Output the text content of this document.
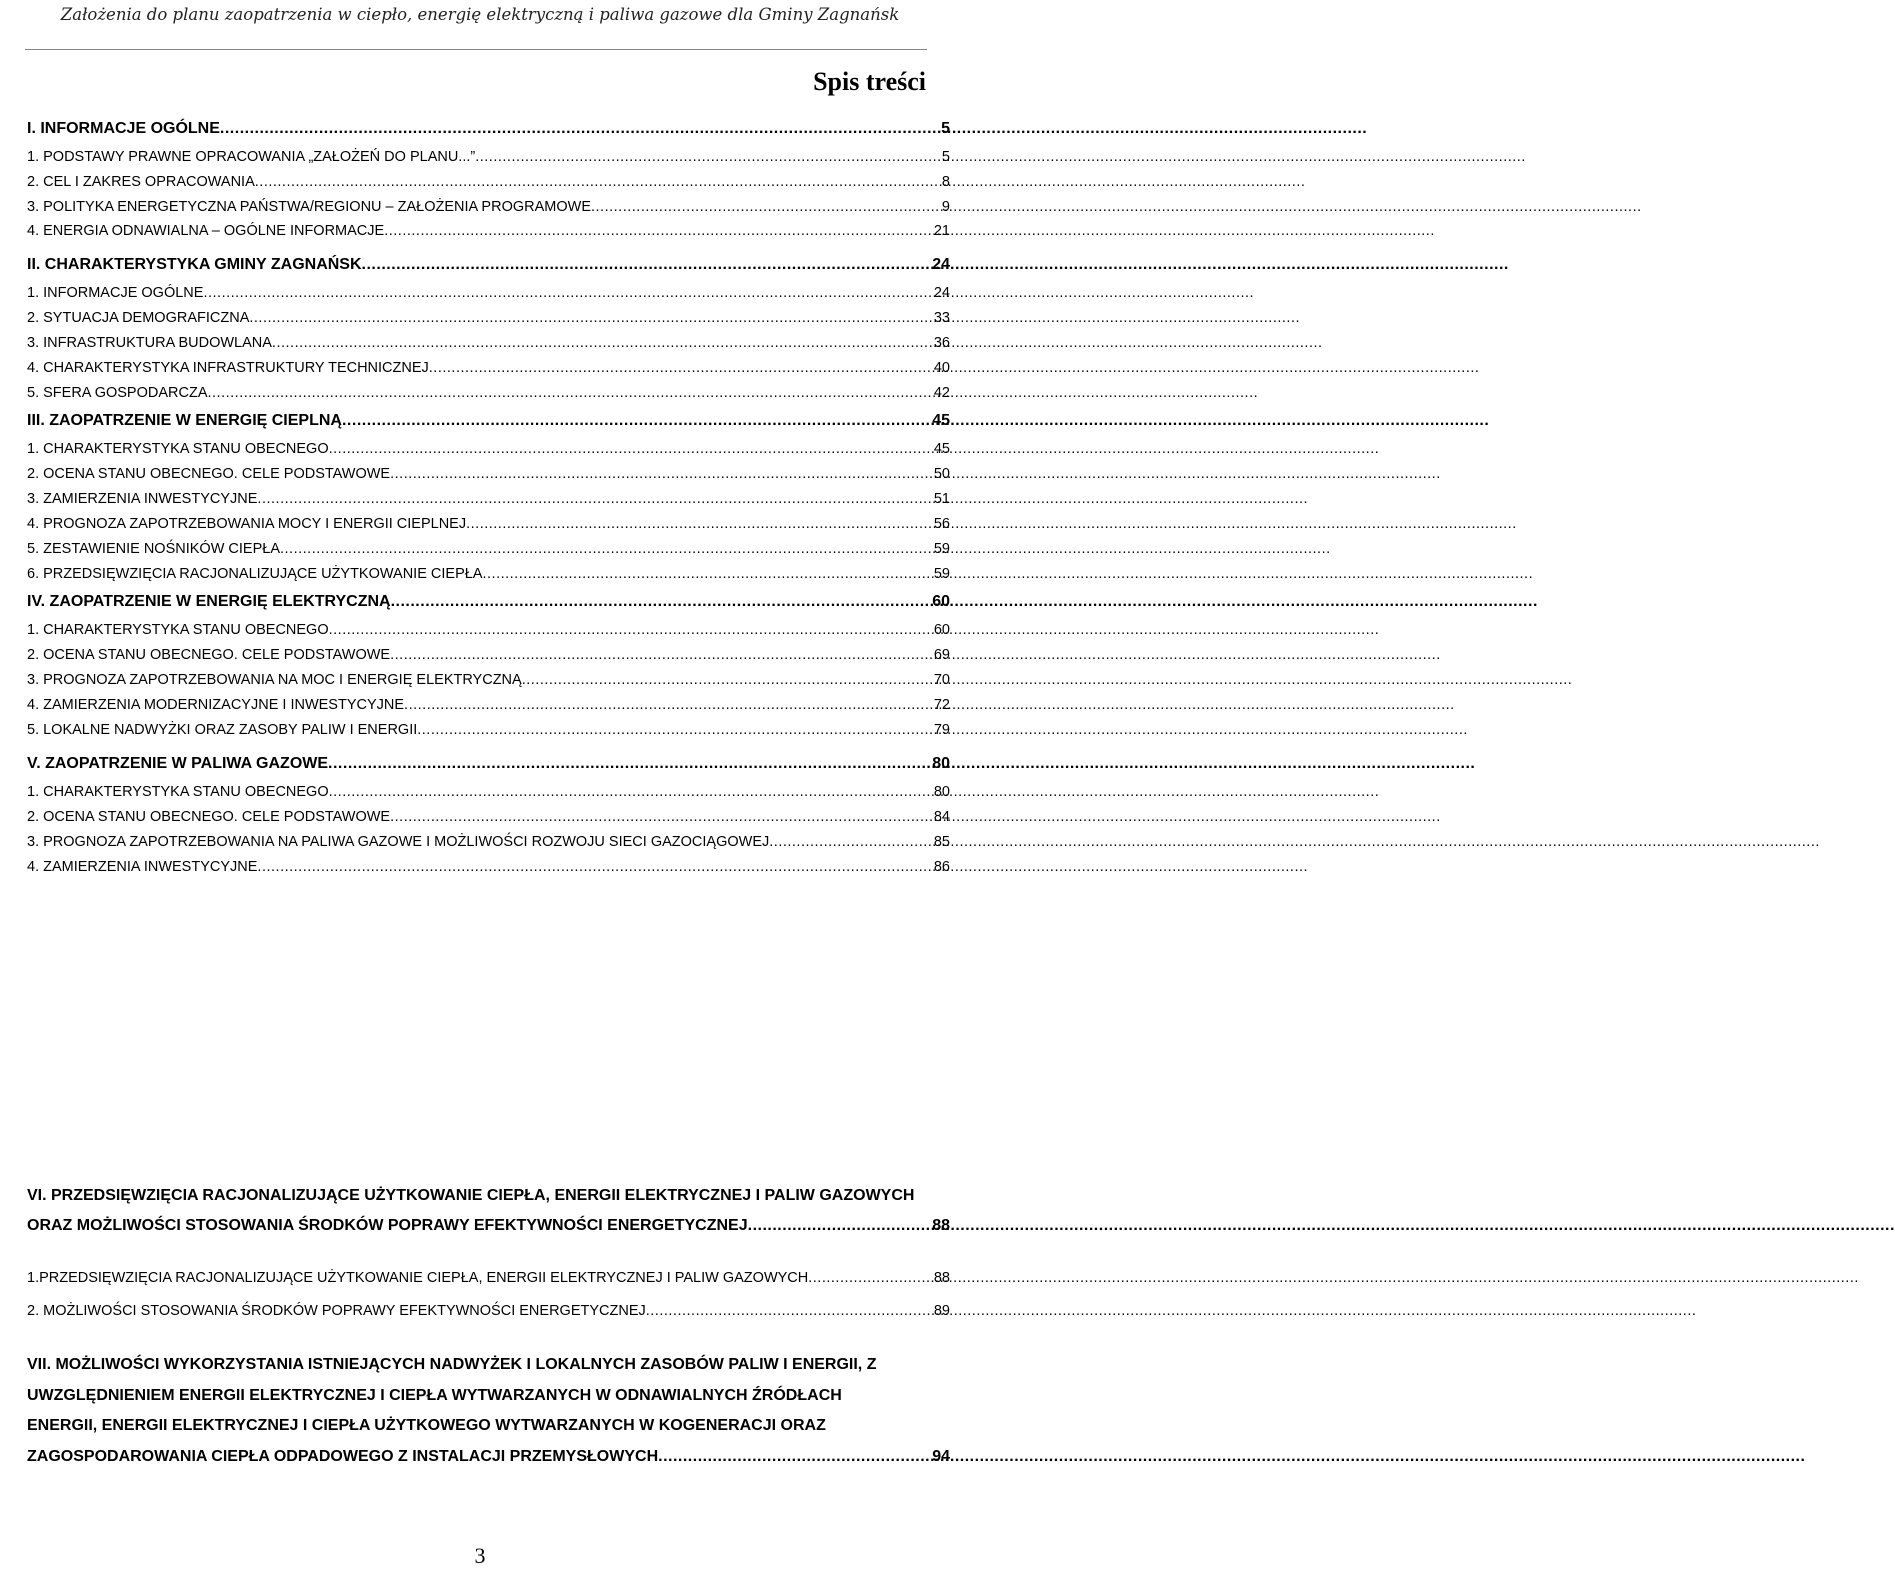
Założenia do planu zaopatrzenia w ciepło, energię elektryczną i paliwa gazowe dla Gminy Zagnańsk
Spis treści
I. INFORMACJE OGÓLNE .....	5
1. PODSTAWY PRAWNE OPRACOWANIA „ZAŁOŻEŃ DO PLANU...” .....	5
2. CEL I ZAKRES OPRACOWANIA .....	8
3. POLITYKA ENERGETYCZNA PAŃSTWA/REGIONU – ZAŁOŻENIA PROGRAMOWE .....	9
4. ENERGIA ODNAWIALNA – OGÓLNE INFORMACJE .....	21
II. CHARAKTERYSTYKA GMINY ZAGNAŃSK .....	24
1. INFORMACJE OGÓLNE .....	24
2. SYTUACJA DEMOGRAFICZNA .....	33
3. INFRASTRUKTURA BUDOWLANA .....	36
4. CHARAKTERYSTYKA INFRASTRUKTURY TECHNICZNEJ .....	40
5. SFERA GOSPODARCZA .....	42
III. ZAOPATRZENIE W ENERGIĘ CIEPLNĄ .....	45
1. CHARAKTERYSTYKA STANU OBECNEGO .....	45
2. OCENA STANU OBECNEGO. CELE PODSTAWOWE .....	50
3. ZAMIERZENIA INWESTYCYJNE .....	51
4. PROGNOZA ZAPOTRZEBOWANIA MOCY I ENERGII CIEPLNEJ .....	56
5. ZESTAWIENIE NOŚNIKÓW CIEPŁA .....	59
6. PRZEDSIĘWZIĘCIA RACJONALIZUJĄCE UŻYTKOWANIE CIEPŁA .....	59
IV. ZAOPATRZENIE W ENERGIĘ ELEKTRYCZNĄ .....	60
1. CHARAKTERYSTYKA STANU OBECNEGO .....	60
2. OCENA STANU OBECNEGO. CELE PODSTAWOWE .....	69
3. PROGNOZA ZAPOTRZEBOWANIA NA MOC I ENERGIĘ ELEKTRYCZNĄ .....	70
4. ZAMIERZENIA MODERNIZACYJNE I INWESTYCYJNE .....	72
5. LOKALNE NADWYŻKI ORAZ ZASOBY PALIW I ENERGII .....	79
V. ZAOPATRZENIE W PALIWA GAZOWE .....	80
1. CHARAKTERYSTYKA STANU OBECNEGO .....	80
2. OCENA STANU OBECNEGO. CELE PODSTAWOWE .....	84
3. PROGNOZA ZAPOTRZEBOWANIA NA PALIWA GAZOWE I MOŻLIWOŚCI ROZWOJU SIECI GAZOCIĄGOWEJ .....	85
4. ZAMIERZENIA INWESTYCYJNE .....	86
VI. PRZEDSIĘWZIĘCIA RACJONALIZUJĄCE UŻYTKOWANIE CIEPŁA, ENERGII ELEKTRYCZNEJ I PALIW GAZOWYCH
ORAZ MOŻLIWOŚCI STOSOWANIA ŚRODKÓW POPRAWY EFEKTYWNOŚCI ENERGETYCZNEJ .....	88
1.PRZEDSIĘWZIĘCIA RACJONALIZUJĄCE UŻYTKOWANIE CIEPŁA, ENERGII ELEKTRYCZNEJ I PALIW GAZOWYCH .....	88
2. MOŻLIWOŚCI STOSOWANIA ŚRODKÓW POPRAWY EFEKTYWNOŚCI ENERGETYCZNEJ .....	89
VII. MOŻLIWOŚCI WYKORZYSTANIA ISTNIEJĄCYCH NADWYŻEK I LOKALNYCH ZASOBÓW PALIW I ENERGII, Z
UWZGLĘDNIENIEM ENERGII ELEKTRYCZNEJ I CIEPŁA WYTWARZANYCH W ODNAWIALNYCH ŹRÓDŁACH
ENERGII, ENERGII ELEKTRYCZNEJ I CIEPŁA UŻYTKOWEGO WYTWARZANYCH W KOGENERACJI ORAZ
ZAGOSPODAROWANIA CIEPŁA ODPADOWEGO Z INSTALACJI PRZEMYSŁOWYCH .....	94
3
